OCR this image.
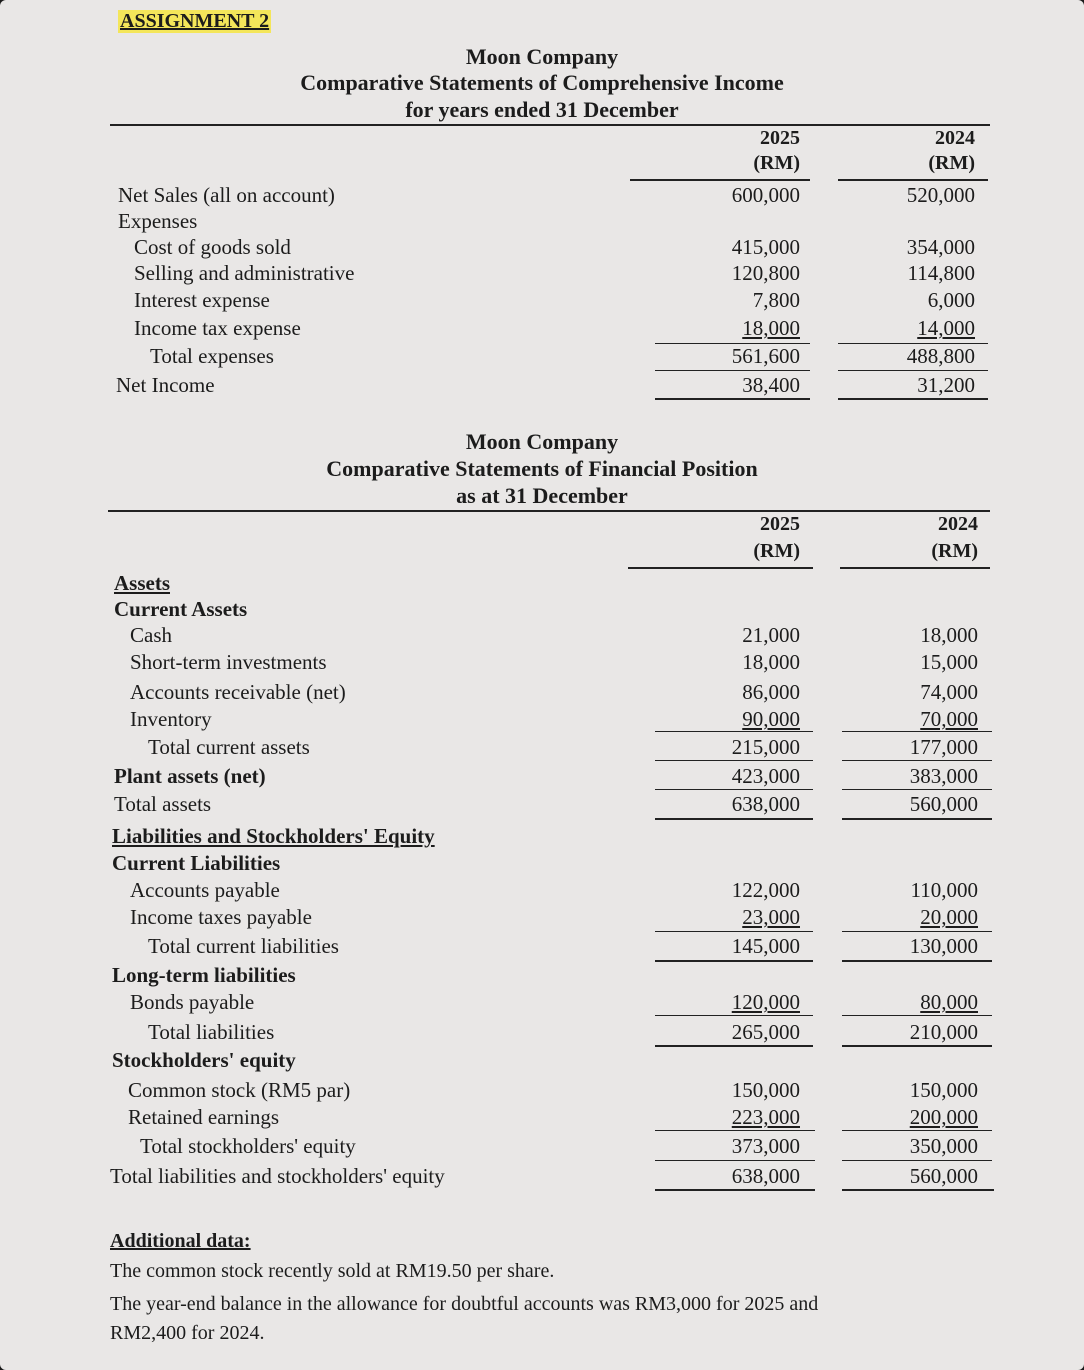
ASSIGNMENT 2
Moon Company
Comparative Statements of Comprehensive Income
for years ended 31 December
2025
(RM)
2024
(RM)
Net Sales (all on account)	600,000	520,000
Expenses
Cost of goods sold	415,000	354,000
Selling and administrative	120,800	114,800
Interest expense	7,800	6,000
Income tax expense	18,000	14,000
Total expenses	561,600	488,800
Net Income	38,400	31,200
Moon Company
Comparative Statements of Financial Position
as at 31 December
2025
(RM)
2024
(RM)
Assets
Current Assets
Cash	21,000	18,000
Short-term investments	18,000	15,000
Accounts receivable (net)	86,000	74,000
Inventory	90,000	70,000
Total current assets	215,000	177,000
Plant assets (net)	423,000	383,000
Total assets	638,000	560,000
Liabilities and Stockholders' Equity
Current Liabilities
Accounts payable	122,000	110,000
Income taxes payable	23,000	20,000
Total current liabilities	145,000	130,000
Long-term liabilities
Bonds payable	120,000	80,000
Total liabilities	265,000	210,000
Stockholders' equity
Common stock (RM5 par)	150,000	150,000
Retained earnings	223,000	200,000
Total stockholders' equity	373,000	350,000
Total liabilities and stockholders' equity	638,000	560,000
Additional data:
The common stock recently sold at RM19.50 per share.
The year-end balance in the allowance for doubtful accounts was RM3,000 for 2025 and
RM2,400 for 2024.
